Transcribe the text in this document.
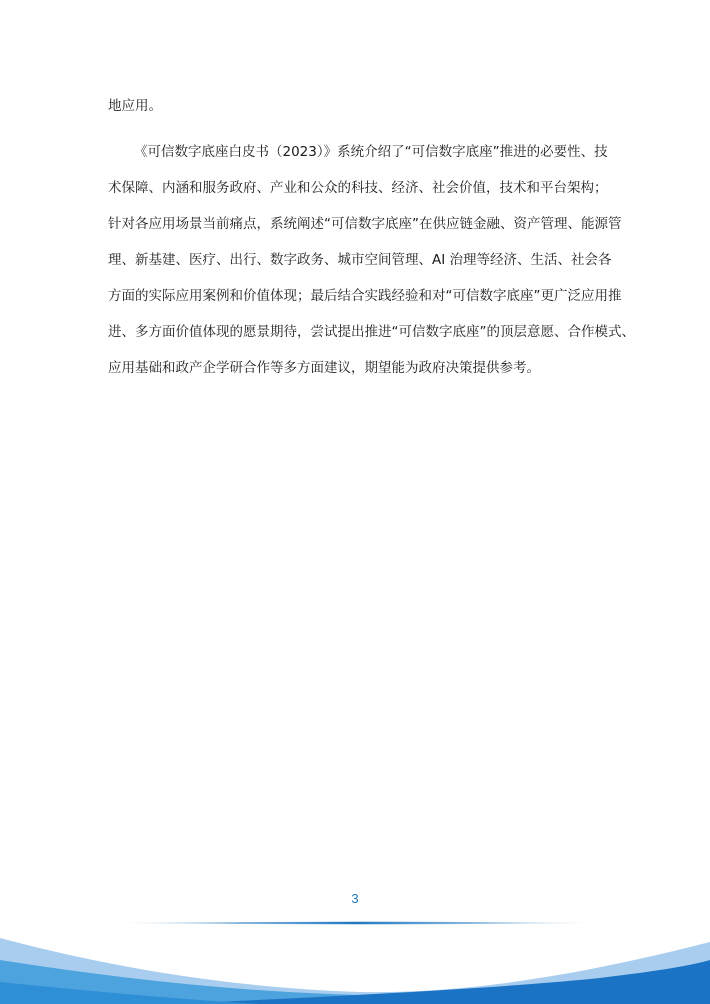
地应用。
《可信数字底座白皮书（2023）》系统介绍了“可信数字底座”推进的必要性、技
术保障、内涵和服务政府、产业和公众的科技、经济、社会价值，技术和平台架构；
针对各应用场景当前痛点，系统阐述“可信数字底座”在供应链金融、资产管理、能源管
理、新基建、医疗、出行、数字政务、城市空间管理、AI 治理等经济、生活、社会各
方面的实际应用案例和价值体现；最后结合实践经验和对“可信数字底座”更广泛应用推
进、多方面价值体现的愿景期待，尝试提出推进“可信数字底座”的顶层意愿、合作模式、
应用基础和政产企学研合作等多方面建议，期望能为政府决策提供参考。
3
